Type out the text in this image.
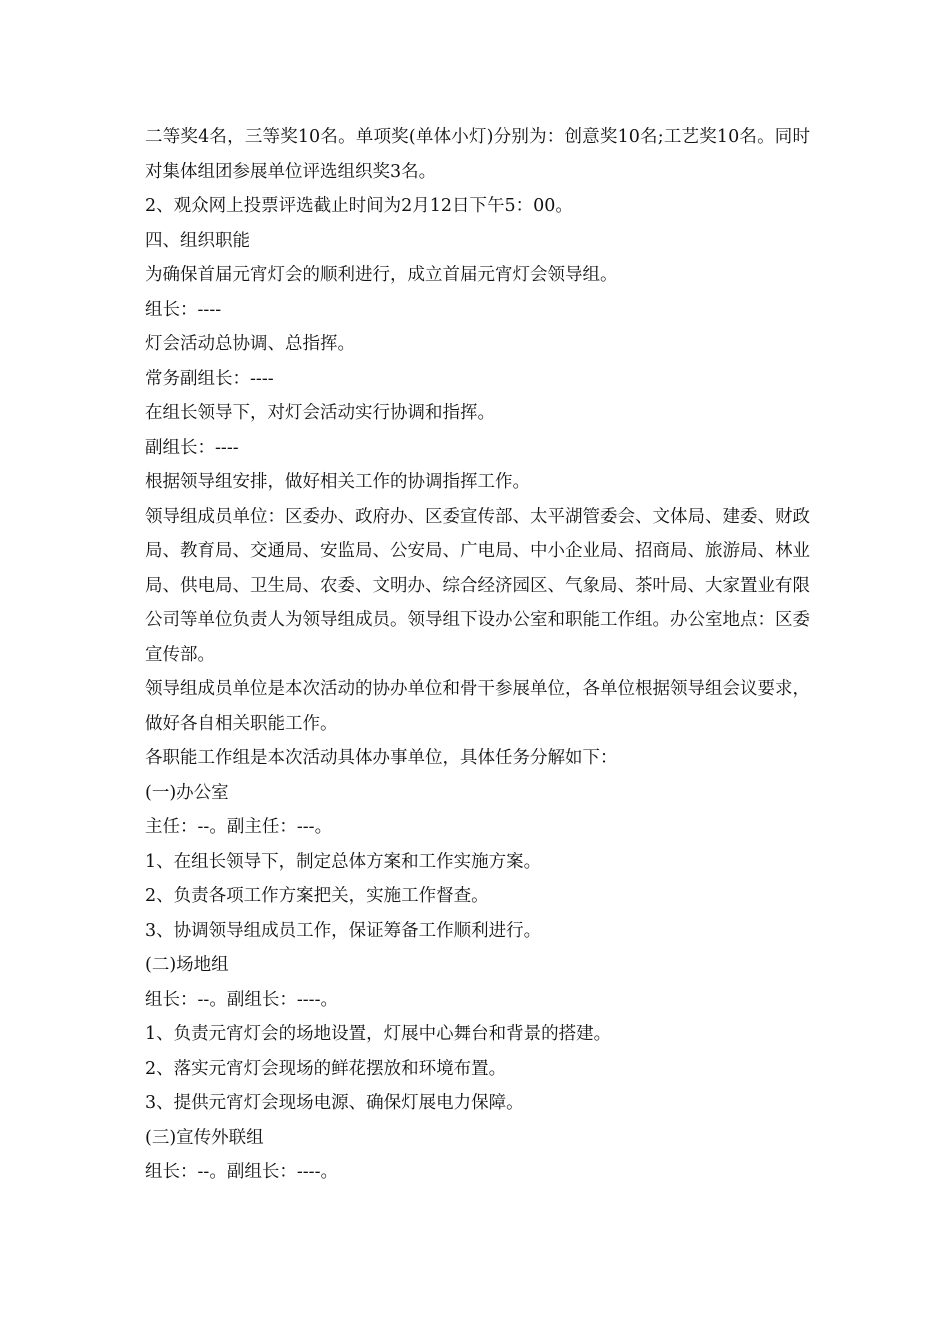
二等奖4名，三等奖10名。单项奖(单体小灯)分别为：创意奖10名;工艺奖10名。同时对集体组团参展单位评选组织奖3名。

2、观众网上投票评选截止时间为2月12日下午5：00。

四、组织职能

为确保首届元宵灯会的顺利进行，成立首届元宵灯会领导组。

组长：----

灯会活动总协调、总指挥。

常务副组长：----

在组长领导下，对灯会活动实行协调和指挥。

副组长：----

根据领导组安排，做好相关工作的协调指挥工作。

领导组成员单位：区委办、政府办、区委宣传部、太平湖管委会、文体局、建委、财政局、教育局、交通局、安监局、公安局、广电局、中小企业局、招商局、旅游局、林业局、供电局、卫生局、农委、文明办、综合经济园区、气象局、茶叶局、大家置业有限公司等单位负责人为领导组成员。领导组下设办公室和职能工作组。办公室地点：区委宣传部。

领导组成员单位是本次活动的协办单位和骨干参展单位，各单位根据领导组会议要求，做好各自相关职能工作。

各职能工作组是本次活动具体办事单位，具体任务分解如下：

(一)办公室

主任：--。副主任：---。

1、在组长领导下，制定总体方案和工作实施方案。

2、负责各项工作方案把关，实施工作督查。

3、协调领导组成员工作，保证筹备工作顺利进行。

(二)场地组

组长：--。副组长：----。

1、负责元宵灯会的场地设置，灯展中心舞台和背景的搭建。

2、落实元宵灯会现场的鲜花摆放和环境布置。

3、提供元宵灯会现场电源、确保灯展电力保障。

(三)宣传外联组

组长：--。副组长：----。
